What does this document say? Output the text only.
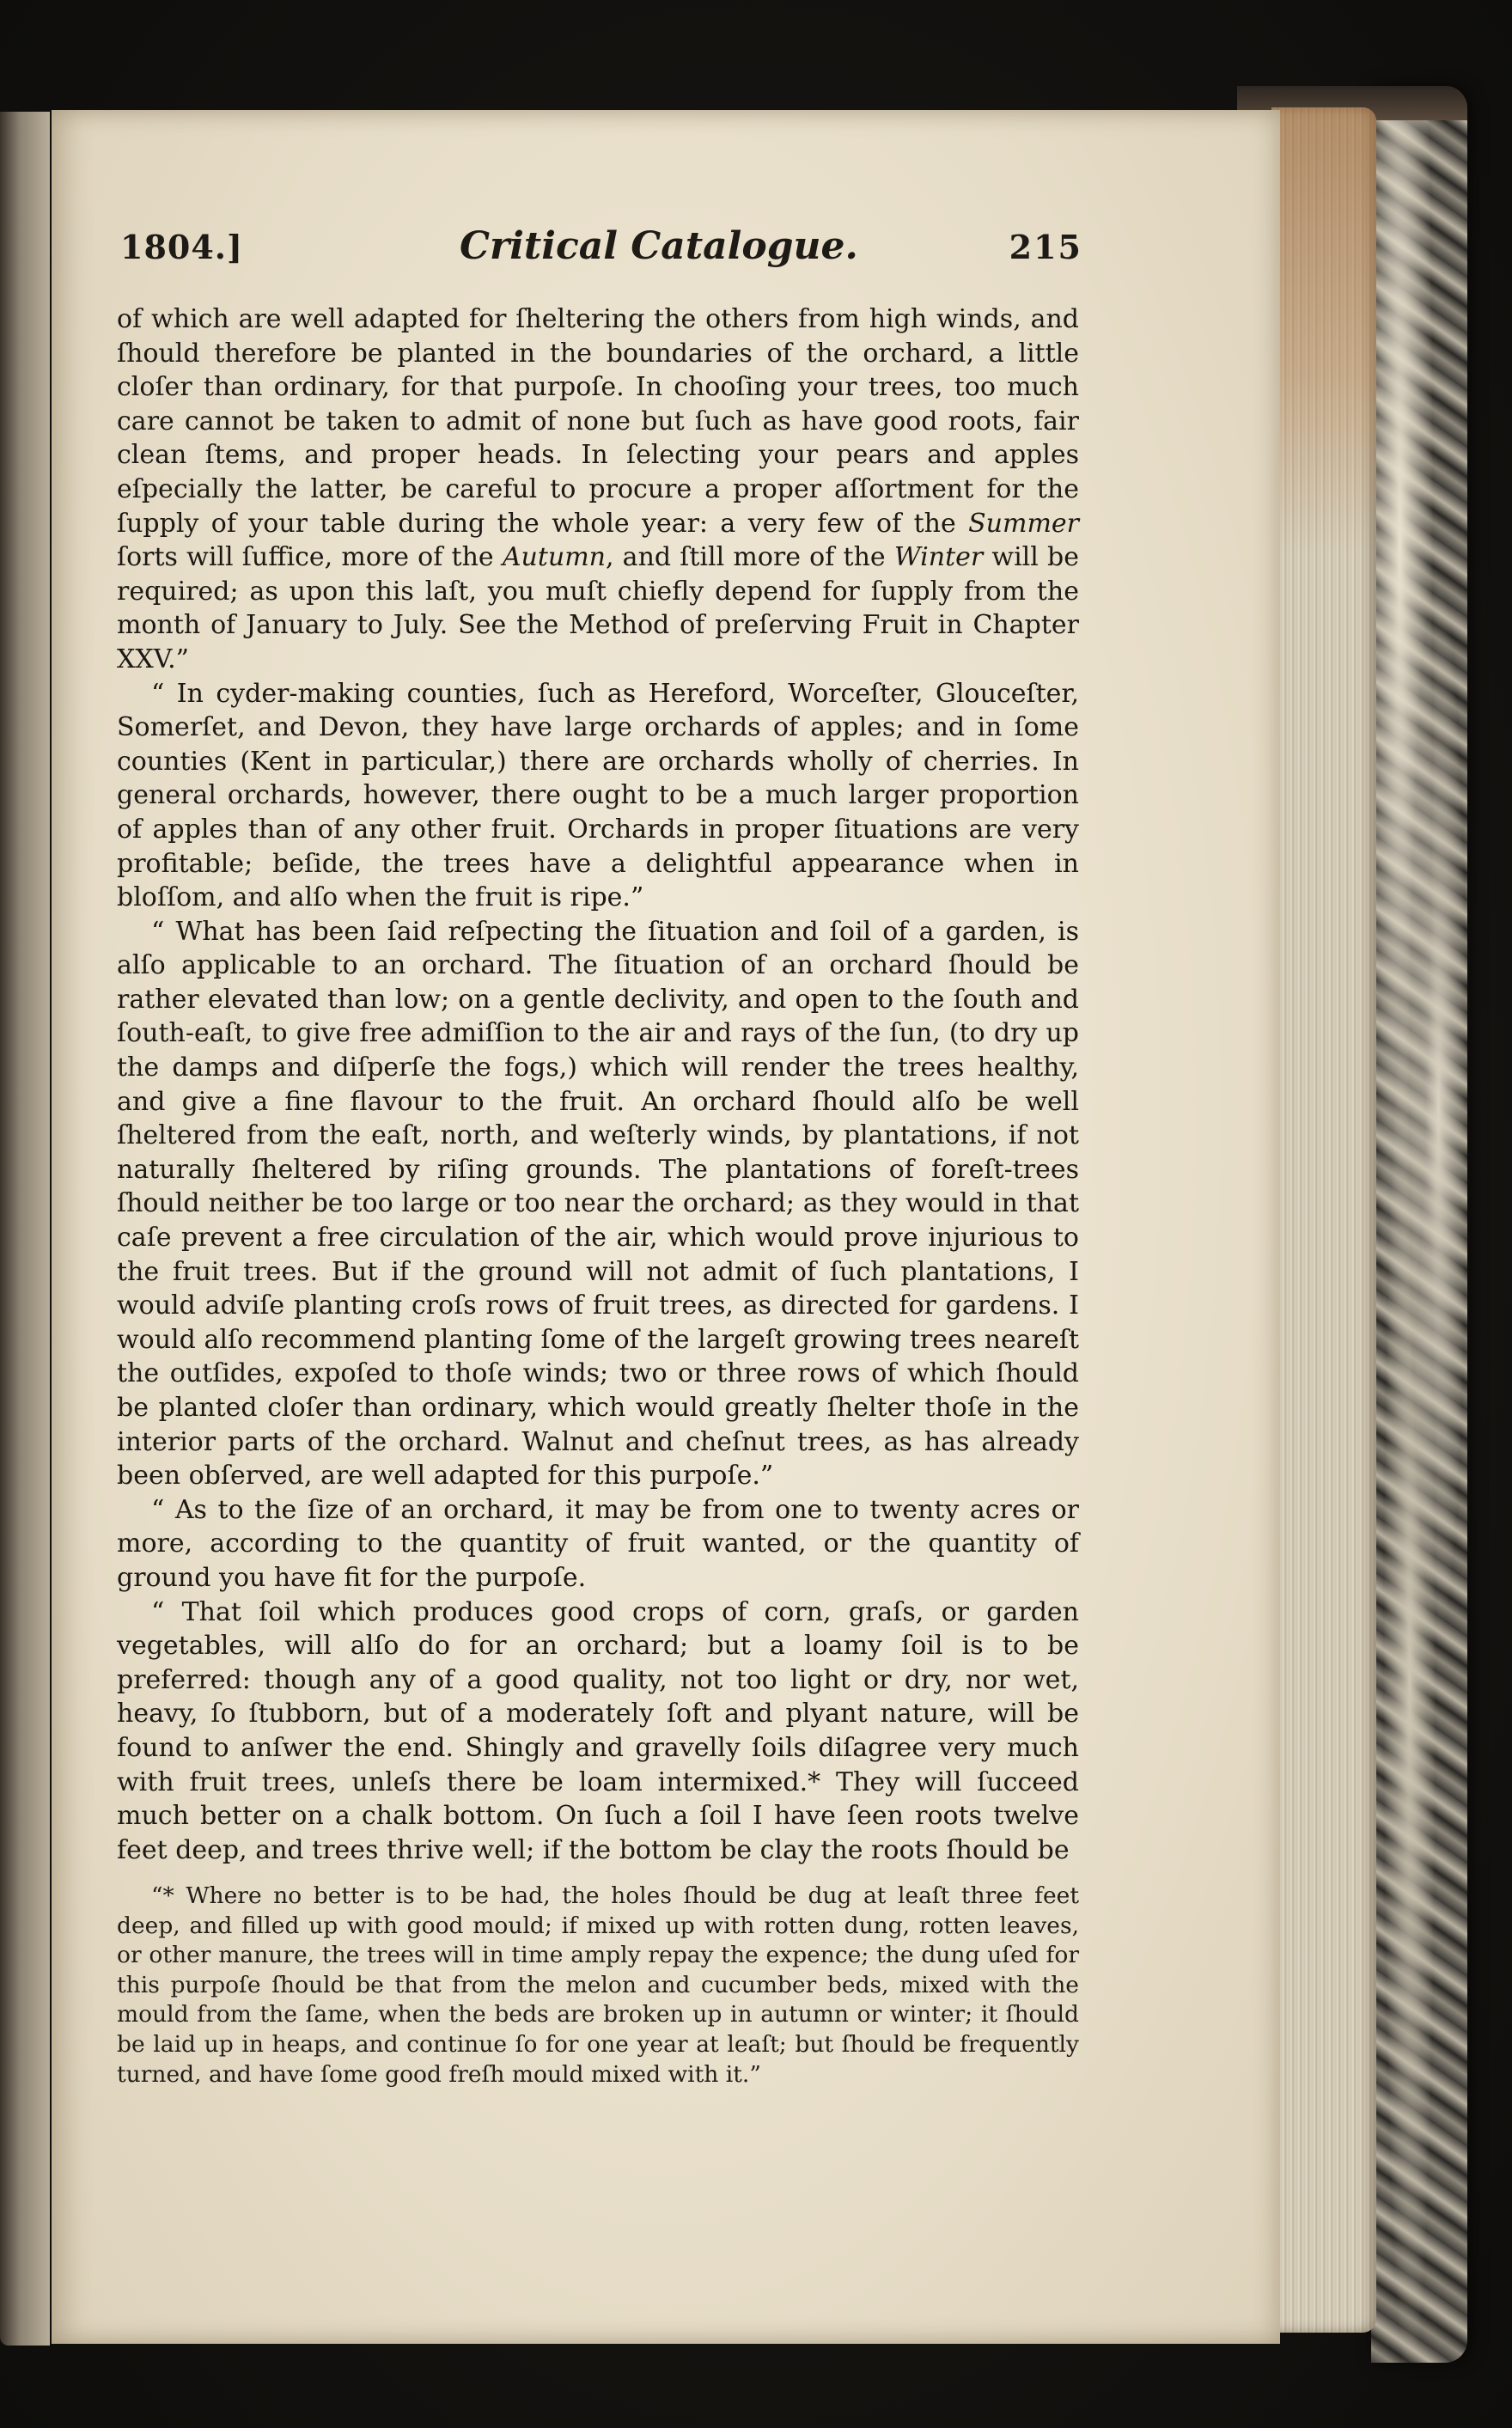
1804.]	Critical Catalogue.	215

of which are well adapted for ſheltering the others from high winds, and ſhould therefore be planted in the boundaries of the orchard, a little cloſer than ordinary, for that purpoſe. In chooſing your trees, too much care cannot be taken to admit of none but ſuch as have good roots, fair clean ſtems, and proper heads. In ſelecting your pears and apples eſpecially the latter, be careful to procure a proper aſſortment for the ſupply of your table during the whole year: a very few of the Summer ſorts will ſuffice, more of the Autumn, and ſtill more of the Winter will be required; as upon this laſt, you muſt chiefly depend for ſupply from the month of January to July. See the Method of preſerving Fruit in Chapter XXV.”

“ In cyder-making counties, ſuch as Hereford, Worceſter, Glouceſter, Somerſet, and Devon, they have large orchards of apples; and in ſome counties (Kent in particular,) there are orchards wholly of cherries. In general orchards, however, there ought to be a much larger proportion of apples than of any other fruit. Orchards in proper ſituations are very profitable; beſide, the trees have a delightful appearance when in bloſſom, and alſo when the fruit is ripe.”

“ What has been ſaid reſpecting the ſituation and ſoil of a garden, is alſo applicable to an orchard. The ſituation of an orchard ſhould be rather elevated than low; on a gentle declivity, and open to the ſouth and ſouth-eaſt, to give free admiſſion to the air and rays of the ſun, (to dry up the damps and diſperſe the fogs,) which will render the trees healthy, and give a fine flavour to the fruit. An orchard ſhould alſo be well ſheltered from the eaſt, north, and weſterly winds, by plantations, if not naturally ſheltered by riſing grounds. The plantations of foreſt-trees ſhould neither be too large or too near the orchard; as they would in that caſe prevent a free circulation of the air, which would prove injurious to the fruit trees. But if the ground will not admit of ſuch plantations, I would adviſe planting croſs rows of fruit trees, as directed for gardens. I would alſo recommend planting ſome of the largeſt growing trees neareſt the outſides, expoſed to thoſe winds; two or three rows of which ſhould be planted cloſer than ordinary, which would greatly ſhelter thoſe in the interior parts of the orchard. Walnut and cheſnut trees, as has already been obſerved, are well adapted for this purpoſe.”

“ As to the ſize of an orchard, it may be from one to twenty acres or more, according to the quantity of fruit wanted, or the quantity of ground you have fit for the purpoſe.

“ That ſoil which produces good crops of corn, graſs, or garden vegetables, will alſo do for an orchard; but a loamy ſoil is to be preferred: though any of a good quality, not too light or dry, nor wet, heavy, ſo ſtubborn, but of a moderately ſoft and plyant nature, will be found to anſwer the end. Shingly and gravelly ſoils diſagree very much with fruit trees, unleſs there be loam intermixed.* They will ſucceed much better on a chalk bottom. On ſuch a ſoil I have ſeen roots twelve feet deep, and trees thrive well; if the bottom be clay the roots ſhould be

“* Where no better is to be had, the holes ſhould be dug at leaſt three feet deep, and filled up with good mould; if mixed up with rotten dung, rotten leaves, or other manure, the trees will in time amply repay the expence; the dung uſed for this purpoſe ſhould be that from the melon and cucumber beds, mixed with the mould from the ſame, when the beds are broken up in autumn or winter; it ſhould be laid up in heaps, and continue ſo for one year at leaſt; but ſhould be frequently turned, and have ſome good freſh mould mixed with it.”
